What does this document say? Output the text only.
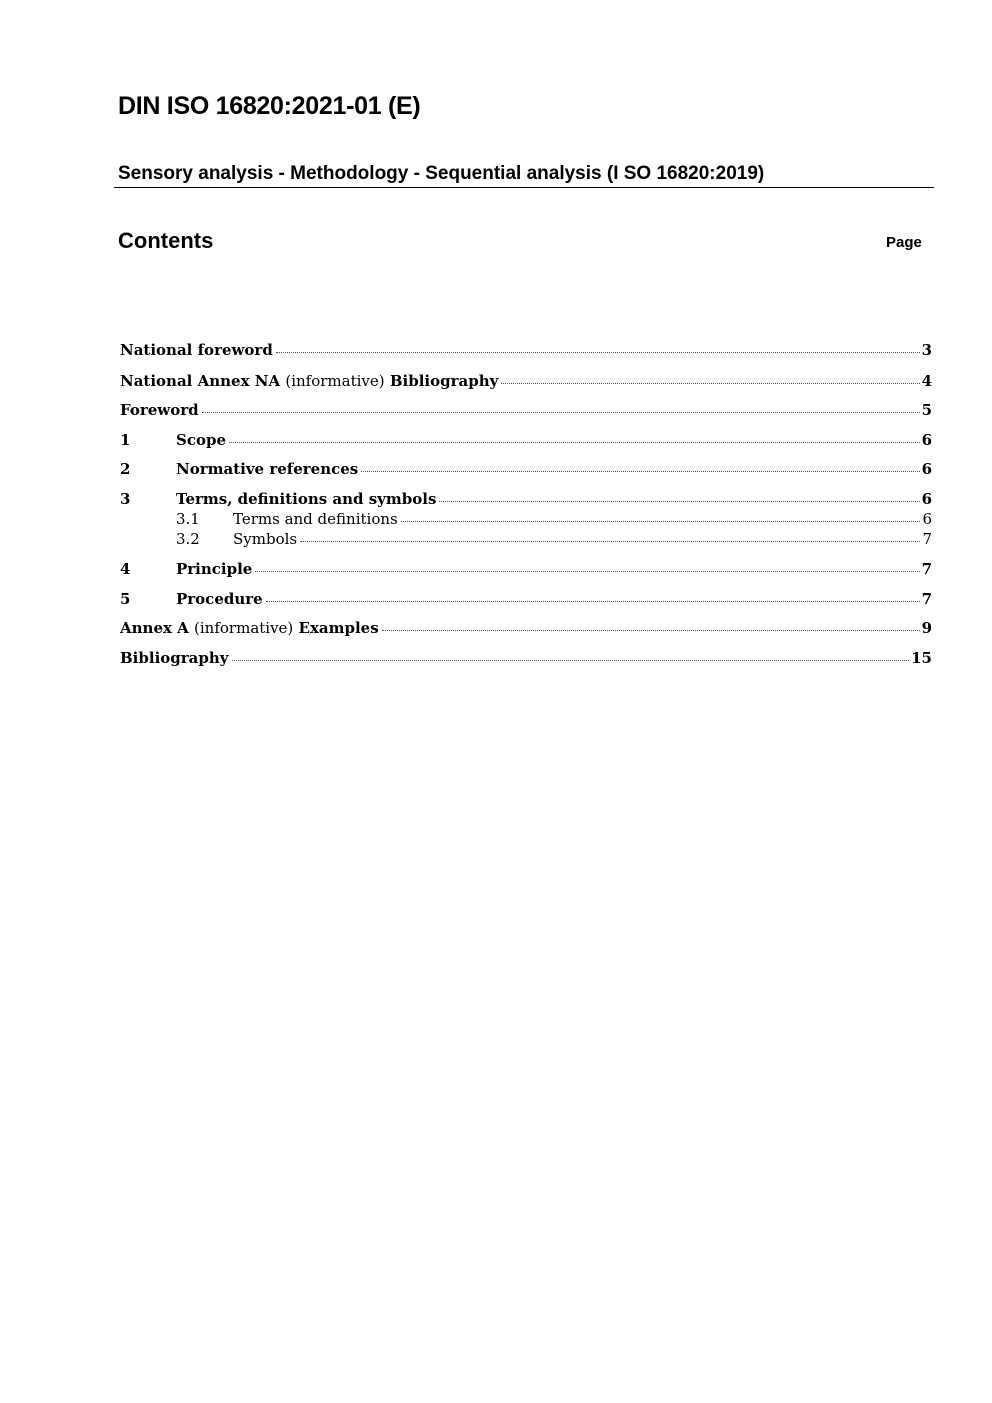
DIN ISO 16820:2021-01 (E)
Sensory analysis - Methodology - Sequential analysis (I SO 16820:2019)
Contents	Page
National foreword	3
National Annex NA (informative) Bibliography	4
Foreword	5
1	Scope	6
2	Normative references	6
3	Terms, definitions and symbols	6
3.1	Terms and definitions	6
3.2	Symbols	7
4	Principle	7
5	Procedure	7
Annex A (informative) Examples	9
Bibliography	15
